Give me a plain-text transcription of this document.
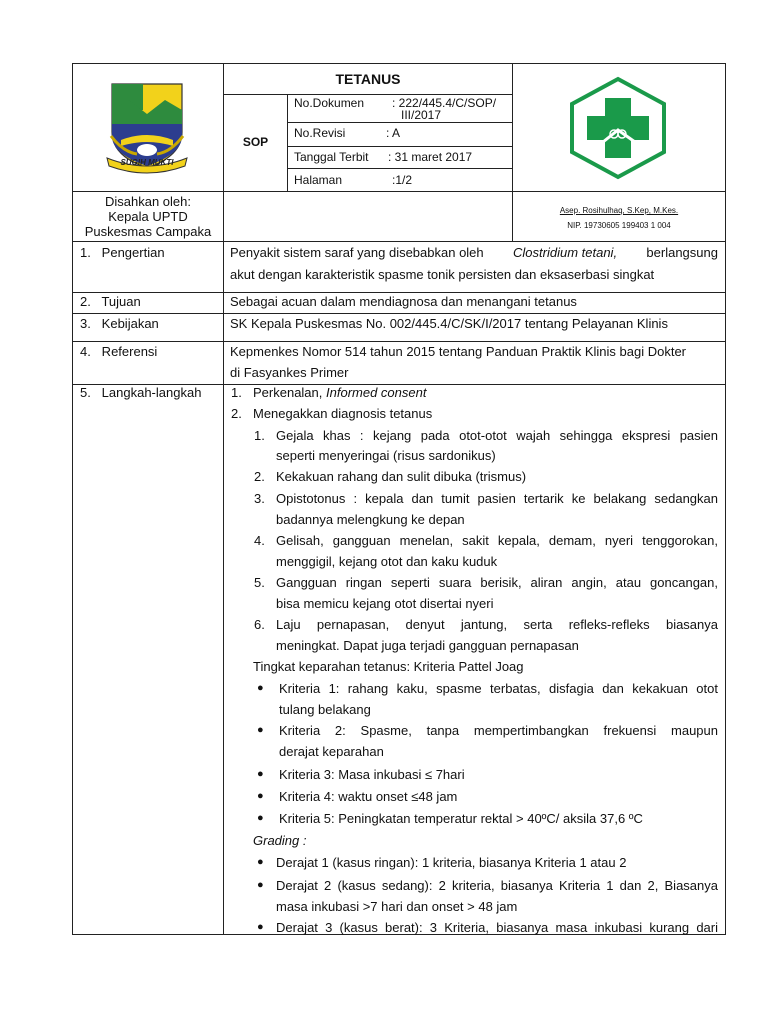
SUGIH MUKTI
TETANUS
SOP
No.Dokumen : 222/445.4/C/SOP/
III/2017
No.Revisi	: A
Tanggal Terbit : 31 maret 2017
Halaman	:1/2
Disahkan oleh:
Kepala UPTD
Puskesmas Campaka
Asep. Rosihulhaq, S.Kep, M.Kes.
NIP. 19730605 199403 1 004
1.   Pengertian
2.   Tujuan
3.   Kebijakan
4.   Referensi
5.   Langkah-langkah
Penyakit sistem saraf yang disebabkan oleh Clostridium tetani, berlangsung
akut dengan karakteristik spasme tonik persisten dan eksaserbasi singkat
Sebagai acuan dalam mendiagnosa dan menangani tetanus
SK Kepala Puskesmas No. 002/445.4/C/SK/I/2017 tentang Pelayanan Klinis
Kepmenkes Nomor 514 tahun 2015 tentang Panduan Praktik Klinis bagi Dokter
di Fasyankes Primer
1. Perkenalan, Informed consent
2. Menegakkan diagnosis tetanus
1. Gejala khas : kejang pada otot-otot wajah sehingga ekspresi pasien
seperti menyeringai (risus sardonikus)
2. Kekakuan rahang dan sulit dibuka (trismus)
3. Opistotonus : kepala dan tumit pasien tertarik ke belakang sedangkan
badannya melengkung ke depan
4. Gelisah, gangguan menelan, sakit kepala, demam, nyeri tenggorokan,
menggigil, kejang otot dan kaku kuduk
5. Gangguan ringan seperti suara berisik, aliran angin, atau goncangan,
bisa memicu kejang otot disertai nyeri
6. Laju pernapasan, denyut jantung, serta refleks-refleks biasanya
meningkat. Dapat juga terjadi gangguan pernapasan
Tingkat keparahan tetanus: Kriteria Pattel Joag
● Kriteria 1: rahang kaku, spasme terbatas, disfagia dan kekakuan otot
tulang belakang
● Kriteria 2: Spasme, tanpa mempertimbangkan frekuensi maupun
derajat keparahan
● Kriteria 3: Masa inkubasi ≤ 7hari
● Kriteria 4: waktu onset ≤48 jam
● Kriteria 5: Peningkatan temperatur rektal > 40ºC/ aksila 37,6 ºC
Grading :
● Derajat 1 (kasus ringan): 1 kriteria, biasanya Kriteria 1 atau 2
● Derajat 2 (kasus sedang): 2 kriteria, biasanya Kriteria 1 dan 2, Biasanya
masa inkubasi >7 hari dan onset > 48 jam
● Derajat 3 (kasus berat): 3 Kriteria, biasanya masa inkubasi kurang dari
